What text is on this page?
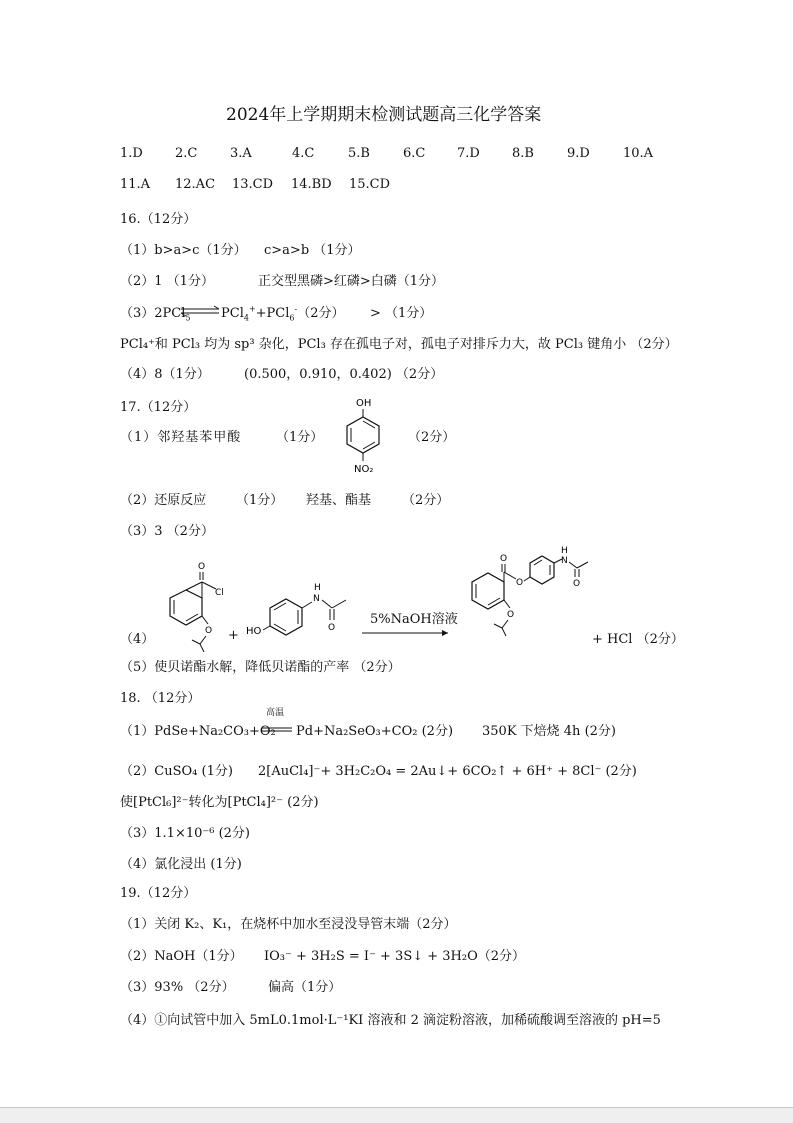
2024年上学期期末检测试题高三化学答案
1.D 2.C	3.A	4.C	5.B	6.C 7.D 8.B	9.D	10.A
11.A 12.AC 13.CD 14.BD 15.CD
16.（12分）
（1）b>a>c（1分） c>a>b （1分）
（2）1 （1分）	正交型黑磷>红磷>白磷（1分）
（3）2PCl$_5$ ⇌ PCl$_4$++PCl$_6$-（2分） > （1分）
PCl₄⁺和 PCl₃ 均为 sp³ 杂化，PCl₃ 存在孤电子对，孤电子对排斥力大，故 PCl₃ 键角小 （2分）
（4）8（1分）	(0.500，0.910，0.402) （2分）
17.（12分）
（1）邻羟基苯甲酸	（1分）	（2分）
OH
NO₂
（2）还原反应 （1分） 羟基、酯基 （2分）
（3）3 （2分）
（4）
O
Cl
O + HO
H
N
O
5%NaOH溶液
O
O
H
N
O
O
+ HCl （2分）
（5）使贝诺酯水解，降低贝诺酯的产率 （2分）
18. （12分）
（1）PdSe+Na₂CO₃+O₂
高温
Pd+Na₂SeO₃+CO₂ (2分) 350K 下焙烧 4h (2分)
（2）CuSO₄ (1分) 2[AuCl₄]⁻+ 3H₂C₂O₄ = 2Au↓+ 6CO₂↑ + 6H⁺ + 8Cl⁻ (2分)
使[PtCl₆]²⁻转化为[PtCl₄]²⁻ (2分)
（3）1.1×10⁻⁶ (2分)
（4）氯化浸出 (1分)
19.（12分）
（1）关闭 K₂、K₁，在烧杯中加水至浸没导管末端（2分）
（2）NaOH（1分） IO₃⁻ + 3H₂S = I⁻ + 3S↓ + 3H₂O（2分）
（3）93% （2分）	偏高（1分）
（4）①向试管中加入 5mL0.1mol·L⁻¹KI 溶液和 2 滴淀粉溶液，加稀硫酸调至溶液的 pH=5
